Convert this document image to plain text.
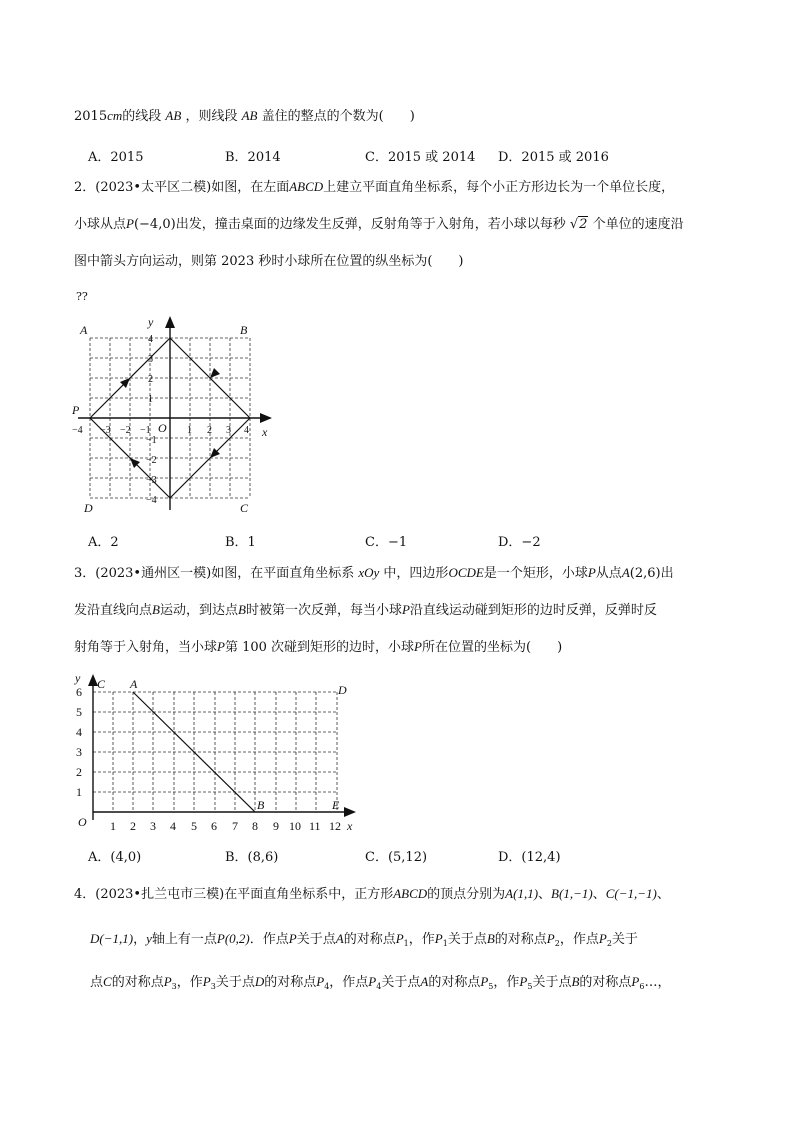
2015cm的线段 AB ，则线段 AB 盖住的整点的个数为(　　)
A．2015	B．2014	C．2015 或 2014 D．2015 或 2016
2．(2023•太平区二模)如图，在左面ABCD上建立平面直角坐标系，每个小正方形边长为一个单位长度，
小球从点P(−4,0)出发，撞击桌面的边缘发生反弹，反射角等于入射角，若小球以每秒 √2 个单位的速度沿
图中箭头方向运动，则第 2023 秒时小球所在位置的纵坐标为(　　)
??
A	B
C
D
P
O	x
y
−4 −3 −2 −1	1 2 3 4
4
3
2
1
−1
−2
−3
−4
A．2	B．1	C．−1	D．−2
3．(2023•通州区一模)如图，在平面直角坐标系 xOy 中，四边形OCDE是一个矩形，小球P从点A(2,6)出
发沿直线向点B运动，到达点B时被第一次反弹，每当小球P沿直线运动碰到矩形的边时反弹，反弹时反
射角等于入射角，当小球P第 100 次碰到矩形的边时，小球P所在位置的坐标为(　　)
C A	D
B	E
O	x
y
1 2 3 4 5 6 7 8 9 10 11 12
6
5
4
3
2
1
A．(4,0)	B．(8,6)	C．(5,12)	D．(12,4)
4．(2023•扎兰屯市三模)在平面直角坐标系中，正方形ABCD的顶点分别为A(1,1)、B(1,−1)、C(−1,−1)、
D(−1,1)，y轴上有一点P(0,2)．作点P关于点A的对称点$P_1$，作$P_1$关于点B的对称点$P_2$，作点$P_2$关于
点C的对称点$P_3$，作$P_3$关于点D的对称点$P_4$，作点$P_4$关于点A的对称点$P_5$，作$P_5$关于点B的对称点$P_6\dots$，
